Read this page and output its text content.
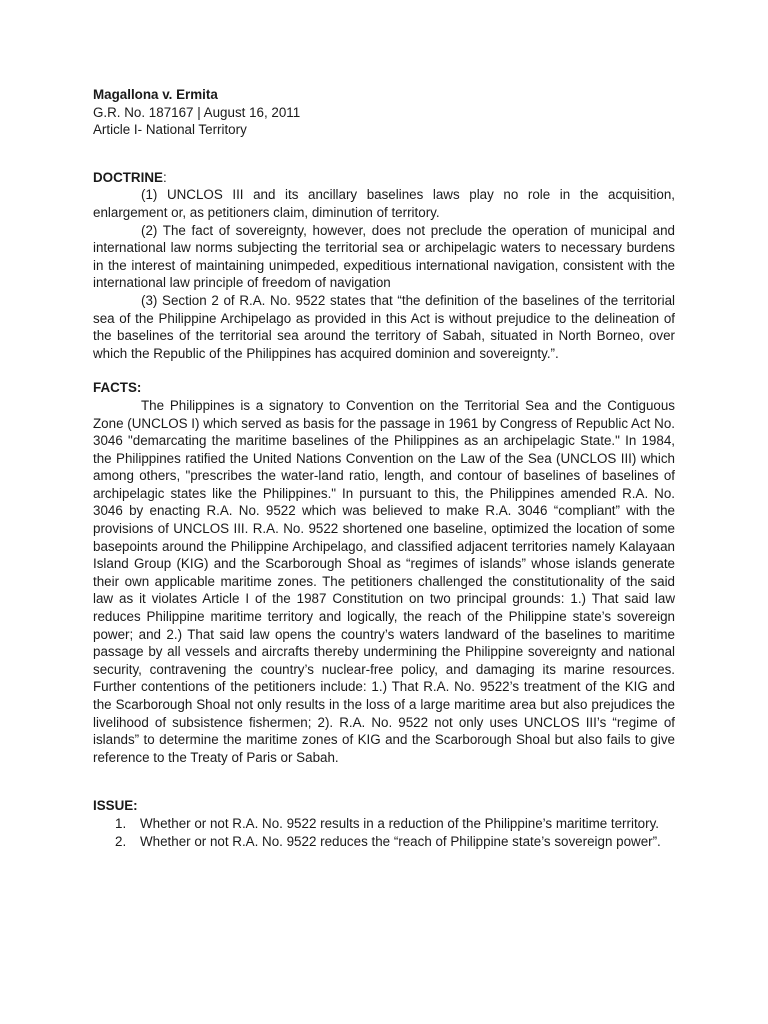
Magallona v. Ermita

G.R. No. 187167 | August 16, 2011

Article I- National Territory

DOCTRINE:

(1) UNCLOS III and its ancillary baselines laws play no role in the acquisition, enlargement or, as petitioners claim, diminution of territory.

(2) The fact of sovereignty, however, does not preclude the operation of municipal and international law norms subjecting the territorial sea or archipelagic waters to necessary burdens in the interest of maintaining unimpeded, expeditious international navigation, consistent with the international law principle of freedom of navigation

(3) Section 2 of R.A. No. 9522 states that “the definition of the baselines of the territorial sea of the Philippine Archipelago as provided in this Act is without prejudice to the delineation of the baselines of the territorial sea around the territory of Sabah, situated in North Borneo, over which the Republic of the Philippines has acquired dominion and sovereignty.”.

FACTS:

The Philippines is a signatory to Convention on the Territorial Sea and the Contiguous Zone (UNCLOS I) which served as basis for the passage in 1961 by Congress of Republic Act No. 3046 "demarcating the maritime baselines of the Philippines as an archipelagic State." In 1984, the Philippines ratified the United Nations Convention on the Law of the Sea (UNCLOS III) which among others, "prescribes the water-land ratio, length, and contour of baselines of baselines of archipelagic states like the Philippines." In pursuant to this, the Philippines amended R.A. No. 3046 by enacting R.A. No. 9522 which was believed to make R.A. 3046 “compliant” with the provisions of UNCLOS III. R.A. No. 9522 shortened one baseline, optimized the location of some basepoints around the Philippine Archipelago, and classified adjacent territories namely Kalayaan Island Group (KIG) and the Scarborough Shoal as “regimes of islands” whose islands generate their own applicable maritime zones. The petitioners challenged the constitutionality of the said law as it violates Article I of the 1987 Constitution on two principal grounds: 1.) That said law reduces Philippine maritime territory and logically, the reach of the Philippine state’s sovereign power; and 2.) That said law opens the country’s waters landward of the baselines to maritime passage by all vessels and aircrafts thereby undermining the Philippine sovereignty and national security, contravening the country’s nuclear-free policy, and damaging its marine resources. Further contentions of the petitioners include: 1.) That R.A. No. 9522’s treatment of the KIG and the Scarborough Shoal not only results in the loss of a large maritime area but also prejudices the livelihood of subsistence fishermen; 2). R.A. No. 9522 not only uses UNCLOS III’s “regime of islands” to determine the maritime zones of KIG and the Scarborough Shoal but also fails to give reference to the Treaty of Paris or Sabah.

ISSUE:

1. Whether or not R.A. No. 9522 results in a reduction of the Philippine’s maritime territory.
2. Whether or not R.A. No. 9522 reduces the “reach of Philippine state’s sovereign power”.
